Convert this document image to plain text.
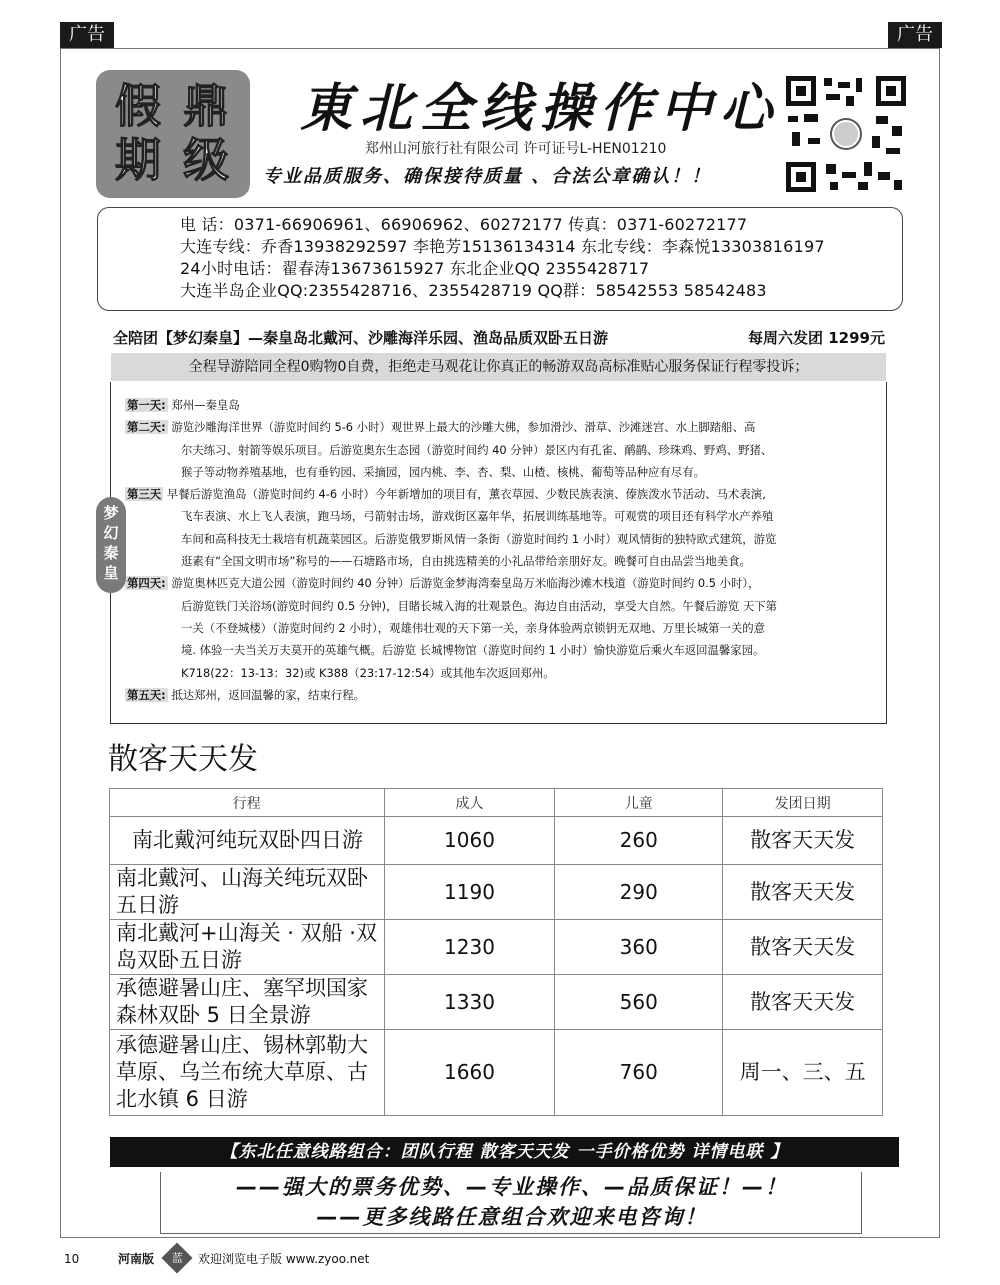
广告	广告
假 鼎
期 级
東北全线操作中心
郑州山河旅行社有限公司 许可证号L-HEN01210
专业品质服务、确保接待质量 、合法公章确认！！
电 话：0371-66906961、66906962、60272177 传真：0371-60272177
大连专线：乔香13938292597 李艳芳15136134314 东北专线：李森悦13303816197
24小时电话：翟春涛13673615927 东北企业QQ 2355428717
大连半岛企业QQ:2355428716、2355428719 QQ群：58542553 58542483
全陪团【梦幻秦皇】—秦皇岛北戴河、沙雕海洋乐园、渔岛品质双卧五日游	每周六发团 1299元
全程导游陪同全程0购物0自费，拒绝走马观花让你真正的畅游双岛高标准贴心服务保证行程零投诉；
第一天: 郑州—秦皇岛
第二天: 游览沙雕海洋世界（游览时间约 5-6 小时）观世界上最大的沙雕大佛，参加滑沙、滑草、沙滩迷宫、水上脚踏船、高
尔夫练习、射箭等娱乐项目。后游览奥东生态园（游览时间约 40 分钟）景区内有孔雀、鸸鹋、珍珠鸡、野鸡、野猪、
猴子等动物养殖基地，也有垂钓园、采摘园，园内桃、李、杏、梨、山楂、核桃、葡萄等品种应有尽有。
第三天 早餐后游览渔岛（游览时间约 4-6 小时）今年新增加的项目有，薰衣草园、少数民族表演、傣族泼水节活动、马术表演,
飞车表演、水上飞人表演，跑马场，弓箭射击场，游戏街区嘉年华，拓展训练基地等。可观赏的项目还有科学水产养殖
车间和高科技无土栽培有机蔬菜园区。后游览俄罗斯风情一条街（游览时间约 1 小时）观风情街的独特欧式建筑，游览
逛素有“全国文明市场”称号的——石塘路市场，自由挑选精美的小礼品带给亲朋好友。晚餐可自由品尝当地美食。
第四天: 游览奥林匹克大道公园（游览时间约 40 分钟）后游览金梦海湾秦皇岛万米临海沙滩木栈道（游览时间约 0.5 小时），
后游览铁门关浴场(游览时间约 0.5 分钟)，目睹长城入海的壮观景色。海边自由活动，享受大自然。午餐后游览 天下第
一关（不登城楼）（游览时间约 2 小时），观雄伟壮观的天下第一关，亲身体验两京锁钥无双地、万里长城第一关的意
境. 体验一夫当关万夫莫开的英雄气概。后游览 长城博物馆（游览时间约 1 小时）愉快游览后乘火车返回温馨家园。
K718(22：13-13：32)或 K388（23:17-12:54）或其他车次返回郑州。
第五天: 抵达郑州，返回温馨的家，结束行程。
梦
幻
秦
皇
散客天天发
行程	成人	儿童	发团日期
南北戴河纯玩双卧四日游	1060	260	散客天天发
南北戴河、山海关纯玩双卧五日游	1190	290	散客天天发
南北戴河+山海关 · 双船 ·双岛双卧五日游	1230	360	散客天天发
承德避暑山庄、塞罕坝国家森林双卧 5 日全景游	1330	560	散客天天发
承德避暑山庄、锡林郭勒大草原、乌兰布统大草原、古北水镇 6 日游	1660	760	周一、三、五
【东北任意线路组合：团队行程 散客天天发 一手价格优势 详情电联 】
——强大的票务优势、—专业操作、—品质保证！—！
——更多线路任意组合欢迎来电咨询！
10	河南版	蓝	欢迎浏览电子版 www.zyoo.net
